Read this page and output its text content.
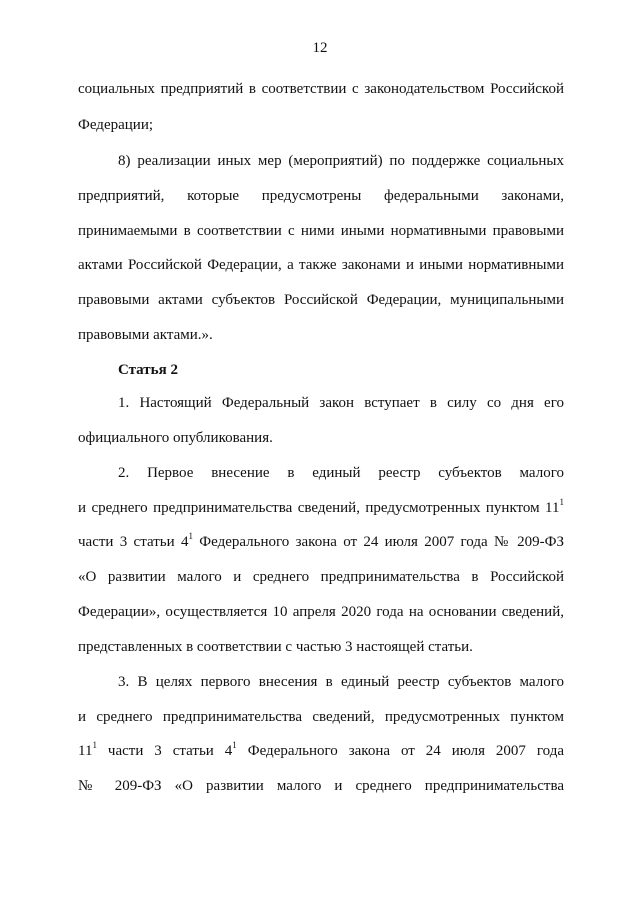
12
социальных предприятий в соответствии с законодательством Российской
Федерации;
8) реализации иных мер (мероприятий) по поддержке социальных
предприятий, которые предусмотрены федеральными законами,
принимаемыми в соответствии с ними иными нормативными правовыми
актами Российской Федерации, а также законами и иными нормативными
правовыми актами субъектов Российской Федерации, муниципальными
правовыми актами.».
Статья 2
1. Настоящий Федеральный закон вступает в силу со дня его
официального опубликования.
2. Первое внесение в единый реестр субъектов малого
и среднего предпринимательства сведений, предусмотренных пунктом $11^1$
части 3 статьи $4^1$ Федерального закона от 24 июля 2007 года № 209-ФЗ
«О развитии малого и среднего предпринимательства в Российской
Федерации», осуществляется 10 апреля 2020 года на основании сведений,
представленных в соответствии с частью 3 настоящей статьи.
3. В целях первого внесения в единый реестр субъектов малого
и среднего предпринимательства сведений, предусмотренных пунктом
$11^1$ части 3 статьи $4^1$ Федерального закона от 24 июля 2007 года
№ 209-ФЗ «О развитии малого и среднего предпринимательства
